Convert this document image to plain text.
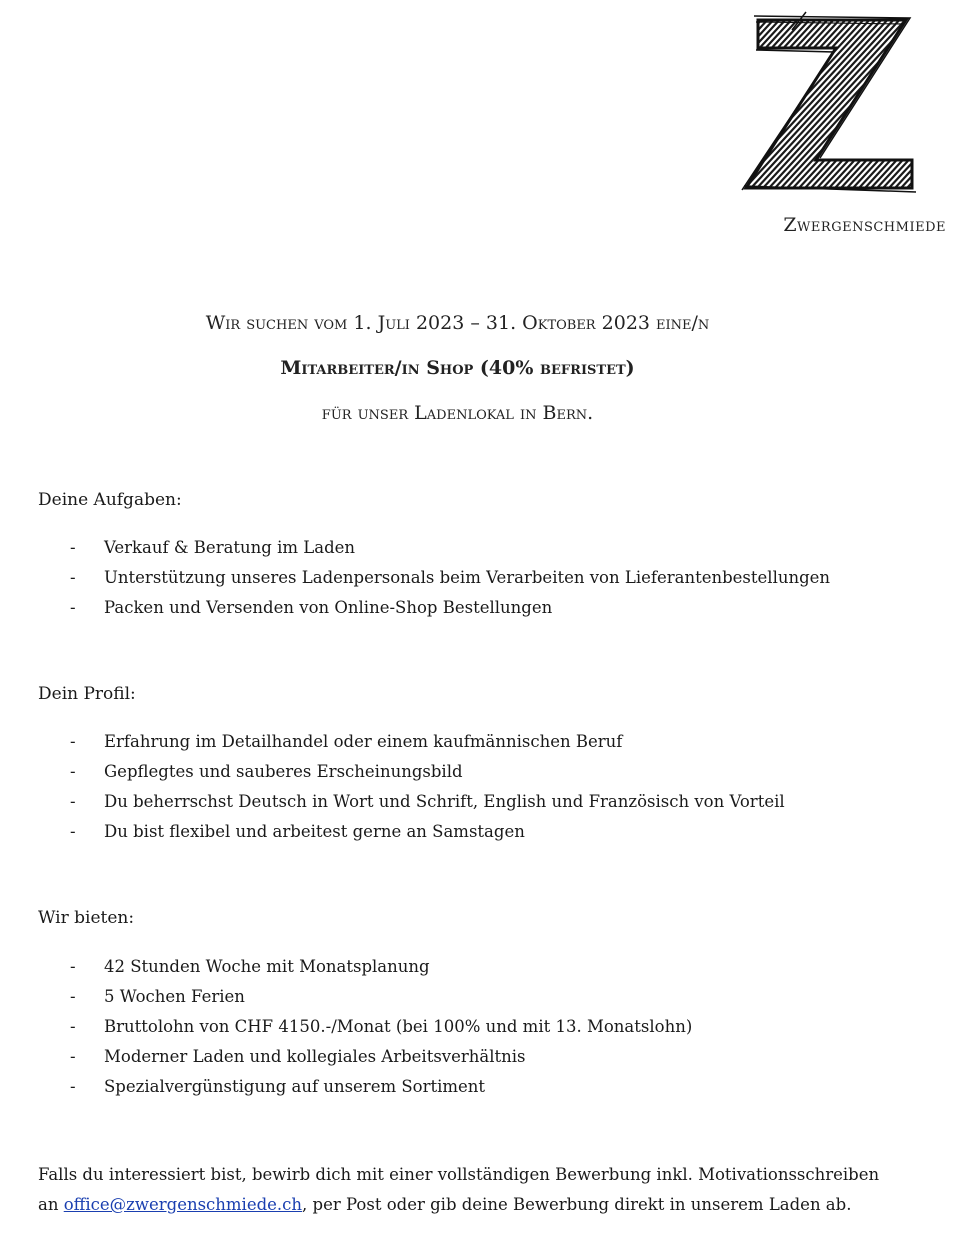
Zwergenschmiede
Wir suchen vom 1. Juli 2023 – 31. Oktober 2023 eine/n
Mitarbeiter/in Shop (40% befristet)
für unser Ladenlokal in Bern.
Deine Aufgaben:
- Verkauf & Beratung im Laden
- Unterstützung unseres Ladenpersonals beim Verarbeiten von Lieferantenbestellungen
- Packen und Versenden von Online-Shop Bestellungen
Dein Profil:
- Erfahrung im Detailhandel oder einem kaufmännischen Beruf
- Gepflegtes und sauberes Erscheinungsbild
- Du beherrschst Deutsch in Wort und Schrift, English und Französisch von Vorteil
- Du bist flexibel und arbeitest gerne an Samstagen
Wir bieten:
- 42 Stunden Woche mit Monatsplanung
- 5 Wochen Ferien
- Bruttolohn von CHF 4150.-/Monat (bei 100% und mit 13. Monatslohn)
- Moderner Laden und kollegiales Arbeitsverhältnis
- Spezialvergünstigung auf unserem Sortiment

Falls du interessiert bist, bewirb dich mit einer vollständigen Bewerbung inkl. Motivationsschreiben

an office@zwergenschmiede.ch, per Post oder gib deine Bewerbung direkt in unserem Laden ab.
